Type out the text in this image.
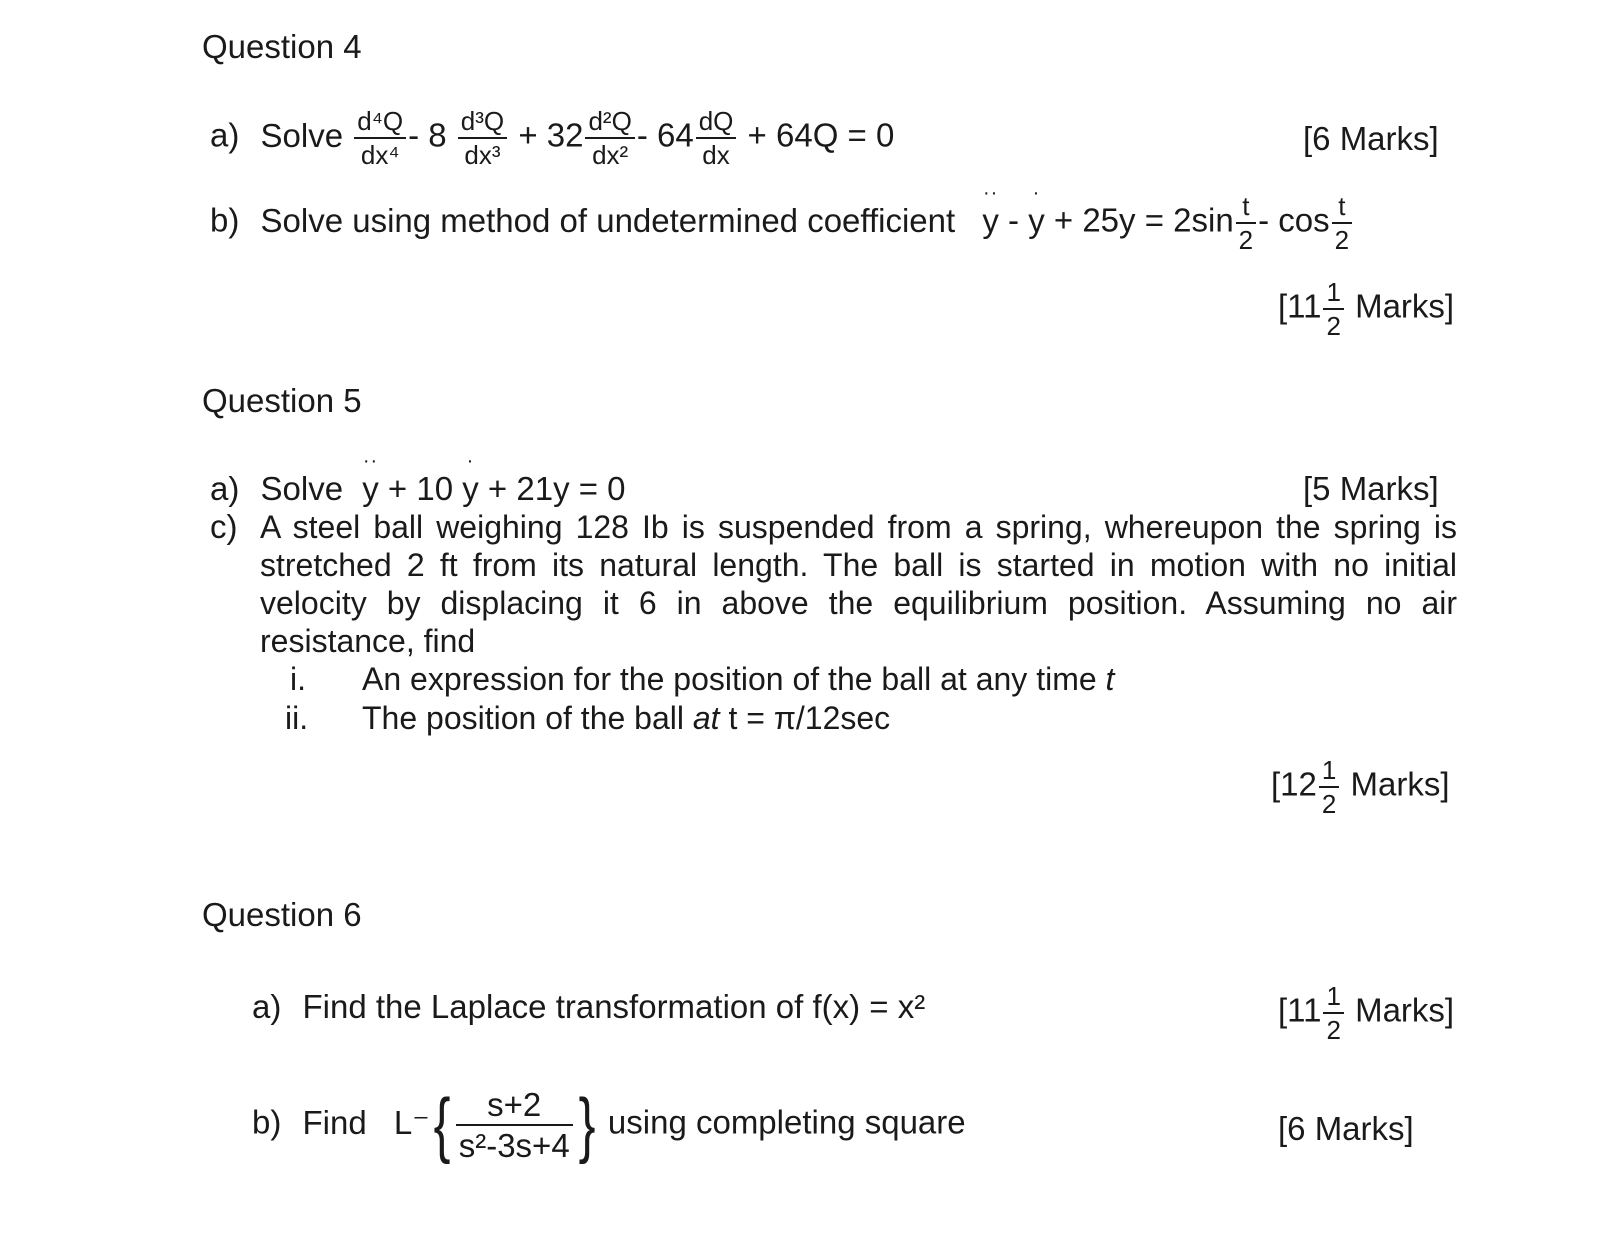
Question 4
a) Solve $\frac{\text{d⁴Q}}{\text{dx⁴}} - 8 \frac{\text{d³Q}}{\text{dx³}} + 32 \frac{\text{d²Q}}{\text{dx²}} - 64 \frac{dQ}{dx} + 64Q = 0$	[6 Marks]
b) Solve using method of undetermined coefficient
··
y -
·
$y + 25y = 2\sin \frac{t}{2} - \cos \frac{t}{2}$
[$11 \frac{1}{2}$ Marks]
Question 5
a) Solve
··
y + 10
·
y + 21y = 0	[5 Marks]
c) A steel ball weighing 128 Ib is suspended from a spring, whereupon the spring is stretched 2 ft from its natural length. The ball is started in motion with no initial velocity by displacing it 6 in above the equilibrium position. Assuming no air resistance, find
i. An expression for the position of the ball at any time t
ii. The position of the ball at t = π/12sec
[$12 \frac{1}{2}$ Marks]
Question 6
a) Find the Laplace transformation of f(x) = x²	[$11 \frac{1}{2}$ Marks]
b) Find $L^-\{ \frac{s+2}{\text{s²-3s+4}}$ } using completing square	[6 Marks]
